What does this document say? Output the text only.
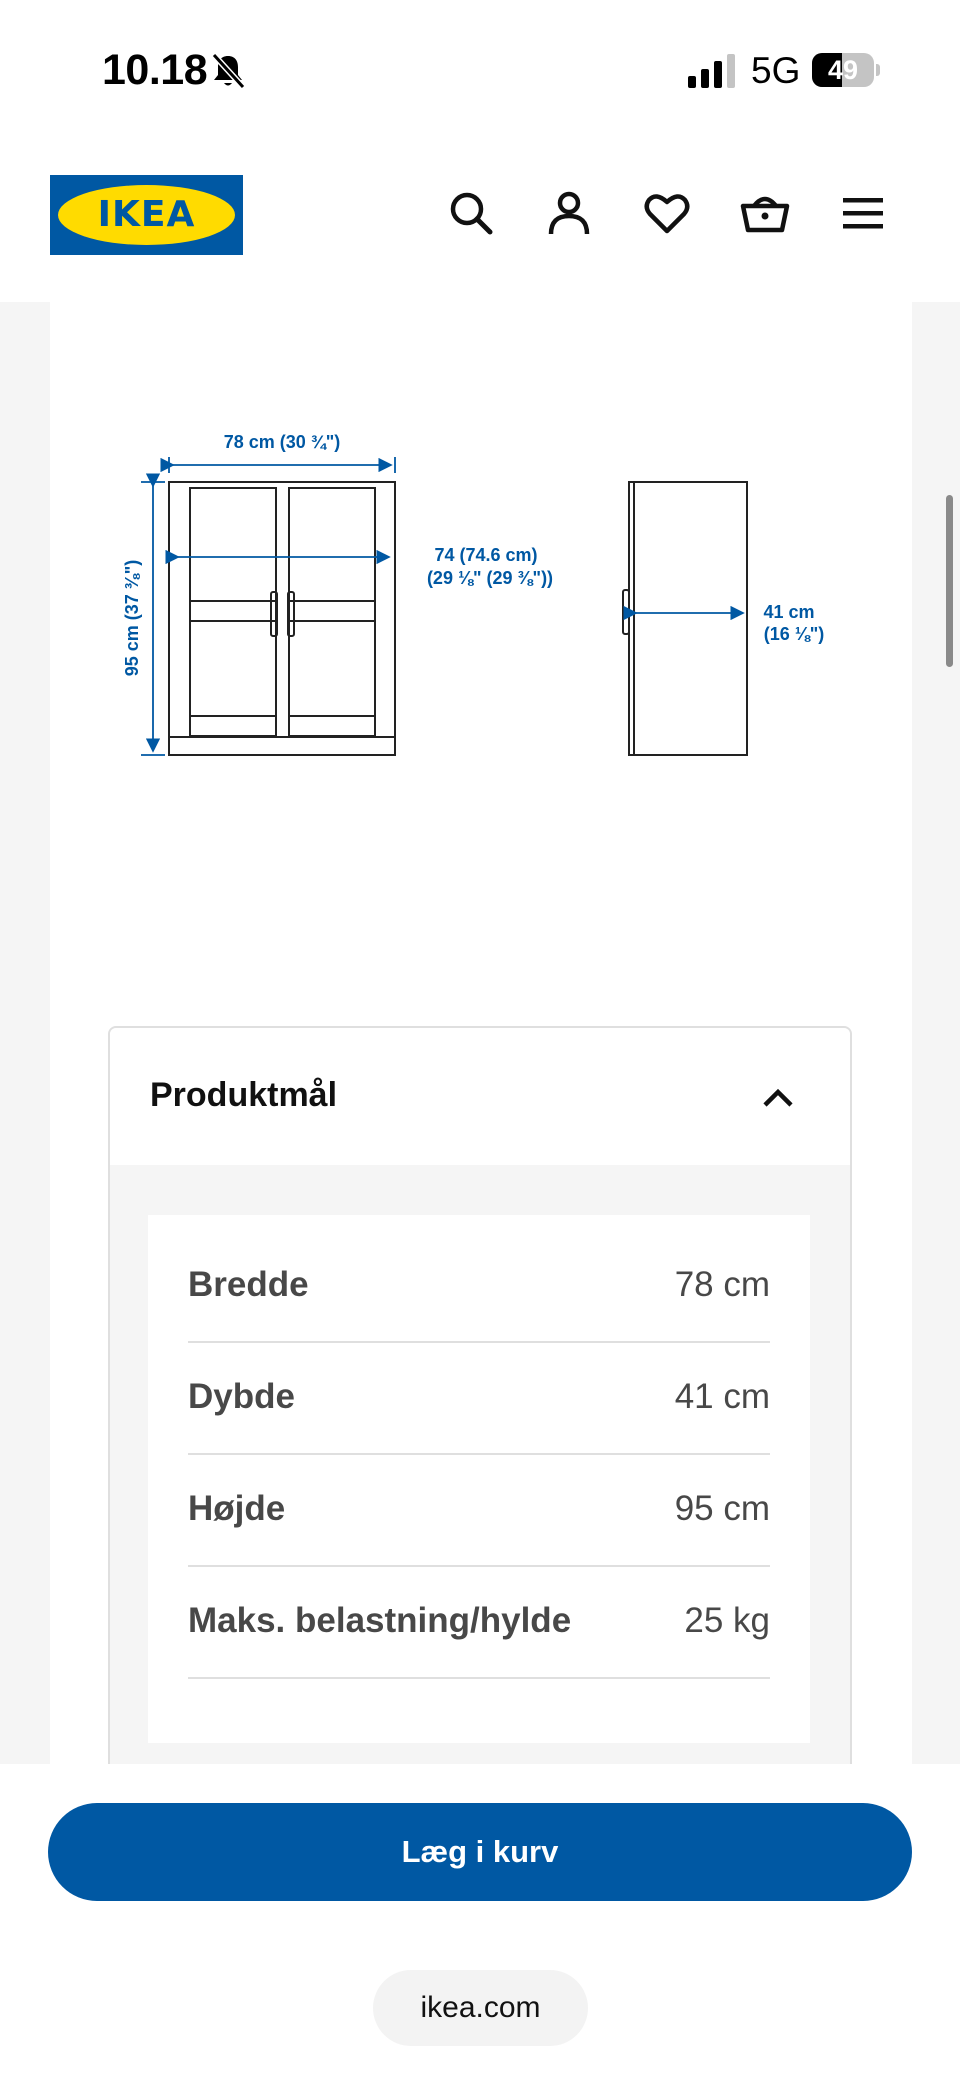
10.18	5G	49
IKEA
®
78 cm (30 ¾")
95 cm (37 ⅜")
74 (74.6 cm)
(29 ⅛" (29 ⅜"))
41 cm
(16 ⅛")
Produktmål
Bredde	78 cm
Dybde	41 cm
Højde	95 cm
Maks. belastning/hylde	25 kg
Læg i kurv
ikea.com
